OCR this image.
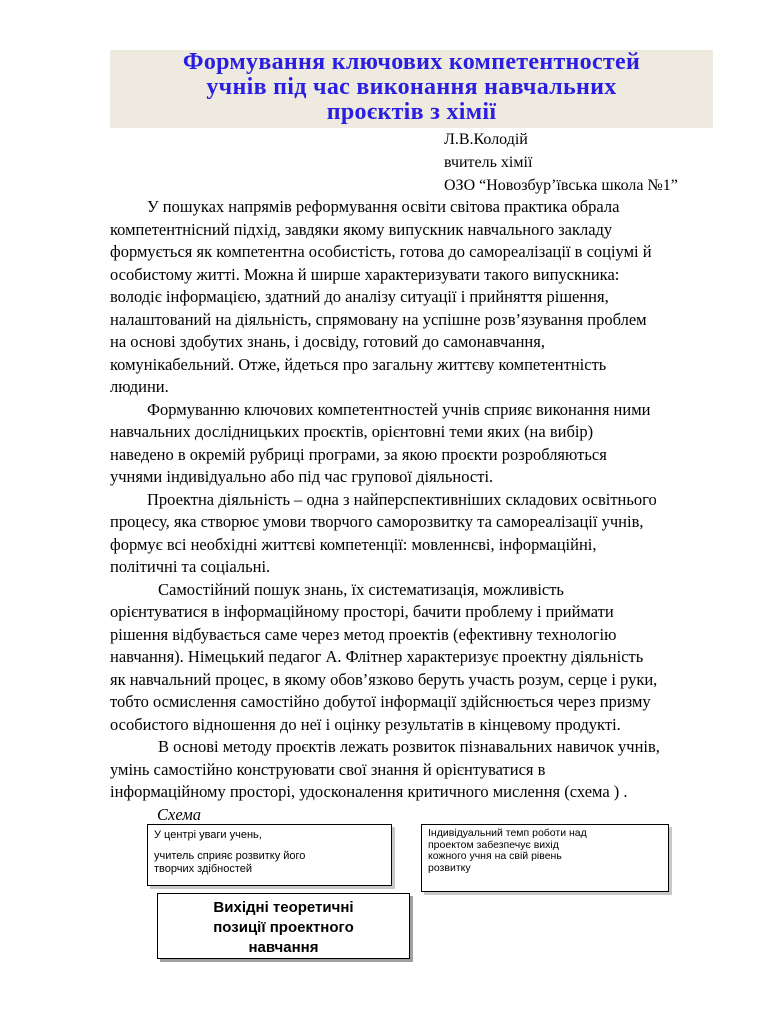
Формування ключових компетентностей
учнів під час виконання навчальних
проєктів з хімії
Л.В.Колодій
вчитель хімії
ОЗО “Новозбур’ївська школа №1”
У пошуках напрямів реформування освіти світова практика обрала
компетентнісний підхід, завдяки якому випускник навчального закладу
формується як компетентна особистість, готова до самореалізації в соціумі й
особистому житті. Можна й ширше характеризувати такого випускника:
володіє інформацією, здатний до аналізу ситуації і прийняття рішення,
налаштований на діяльність, спрямовану на успішне розв’язування проблем
на основі здобутих знань, і досвіду, готовий до самонавчання,
комунікабельний. Отже, йдеться про загальну життєву компетентність
людини.
Формуванню ключових компетентностей учнів сприяє виконання ними
навчальних дослідницьких проєктів, орієнтовні теми яких (на вибір)
наведено в окремій рубриці програми, за якою проєкти розробляються
учнями індивідуально або під час групової діяльності.
Проектна діяльність – одна з найперспективніших складових освітнього
процесу, яка створює умови творчого саморозвитку та самореалізації учнів,
формує всі необхідні життєві компетенції: мовленнєві, інформаційні,
політичні та соціальні.
Самостійний пошук знань, їх систематизація, можливість
орієнтуватися в інформаційному просторі, бачити проблему і приймати
рішення відбувається саме через метод проектів (ефективну технологію
навчання). Німецький педагог А. Флітнер характеризує проектну діяльність
як навчальний процес, в якому обов’язково беруть участь розум, серце і руки,
тобто осмислення самостійно добутої інформації здійснюється через призму
особистого відношення до неї і оцінку результатів в кінцевому продукті.
В основі методу проєктів лежать розвиток пізнавальних навичок учнів,
умінь самостійно конструювати свої знання й орієнтуватися в
інформаційному просторі, удосконалення критичного мислення (схема ) .
Схема
У центрі уваги учень,
учитель сприяє розвитку його
творчих здібностей
Індивідуальний темп роботи над
проектом забезпечує вихід
кожного учня на свій рівень
розвитку
Вихідні теоретичні
позиції проектного
навчання
